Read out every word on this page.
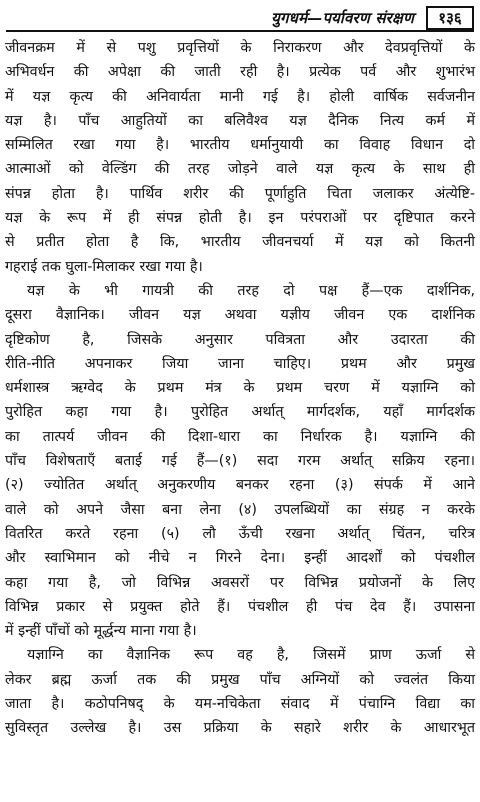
युगधर्म—पर्यावरण संरक्षण	१३६
जीवनक्रम में से पशु प्रवृत्तियों के निराकरण और देवप्रवृत्तियों के
अभिवर्धन की अपेक्षा की जाती रही है। प्रत्येक पर्व और शुभारंभ
में यज्ञ कृत्य की अनिवार्यता मानी गई है। होली वार्षिक सर्वजनीन
यज्ञ है। पाँच आहुतियों का बलिवैश्व यज्ञ दैनिक नित्य कर्म में
सम्मिलित रखा गया है। भारतीय धर्मानुयायी का विवाह विधान दो
आत्माओं को वेल्डिंग की तरह जोड़ने वाले यज्ञ कृत्य के साथ ही
संपन्न होता है। पार्थिव शरीर की पूर्णाहुति चिता जलाकर अंत्येष्टि-
यज्ञ के रूप में ही संपन्न होती है। इन परंपराओं पर दृष्टिपात करने
से प्रतीत होता है कि, भारतीय जीवनचर्या में यज्ञ को कितनी
गहराई तक घुला-मिलाकर रखा गया है।
यज्ञ के भी गायत्री की तरह दो पक्ष हैं—एक दार्शनिक,
दूसरा वैज्ञानिक। जीवन यज्ञ अथवा यज्ञीय जीवन एक दार्शनिक
दृष्टिकोण है, जिसके अनुसार पवित्रता और उदारता की
रीति-नीति अपनाकर जिया जाना चाहिए। प्रथम और प्रमुख
धर्मशास्त्र ऋग्वेद के प्रथम मंत्र के प्रथम चरण में यज्ञाग्नि को
पुरोहित कहा गया है। पुरोहित अर्थात् मार्गदर्शक, यहाँ मार्गदर्शक
का तात्पर्य जीवन की दिशा-धारा का निर्धारक है। यज्ञाग्नि की
पाँच विशेषताएँ बताई गई हैं—(१) सदा गरम अर्थात् सक्रिय रहना।
(२) ज्योतित अर्थात् अनुकरणीय बनकर रहना (३) संपर्क में आने
वाले को अपने जैसा बना लेना (४) उपलब्धियों का संग्रह न करके
वितरित करते रहना (५) लौ ऊँची रखना अर्थात् चिंतन, चरित्र
और स्वाभिमान को नीचे न गिरने देना। इन्हीं आदर्शों को पंचशील
कहा गया है, जो विभिन्न अवसरों पर विभिन्न प्रयोजनों के लिए
विभिन्न प्रकार से प्रयुक्त होते हैं। पंचशील ही पंच देव हैं। उपासना
में इन्हीं पाँचों को मूर्द्धन्य माना गया है।
यज्ञाग्नि का वैज्ञानिक रूप वह है, जिसमें प्राण ऊर्जा से
लेकर ब्रह्म ऊर्जा तक की प्रमुख पाँच अग्नियों को ज्वलंत किया
जाता है। कठोपनिषद् के यम-नचिकेता संवाद में पंचाग्नि विद्या का
सुविस्तृत उल्लेख है। उस प्रक्रिया के सहारे शरीर के आधारभूत
